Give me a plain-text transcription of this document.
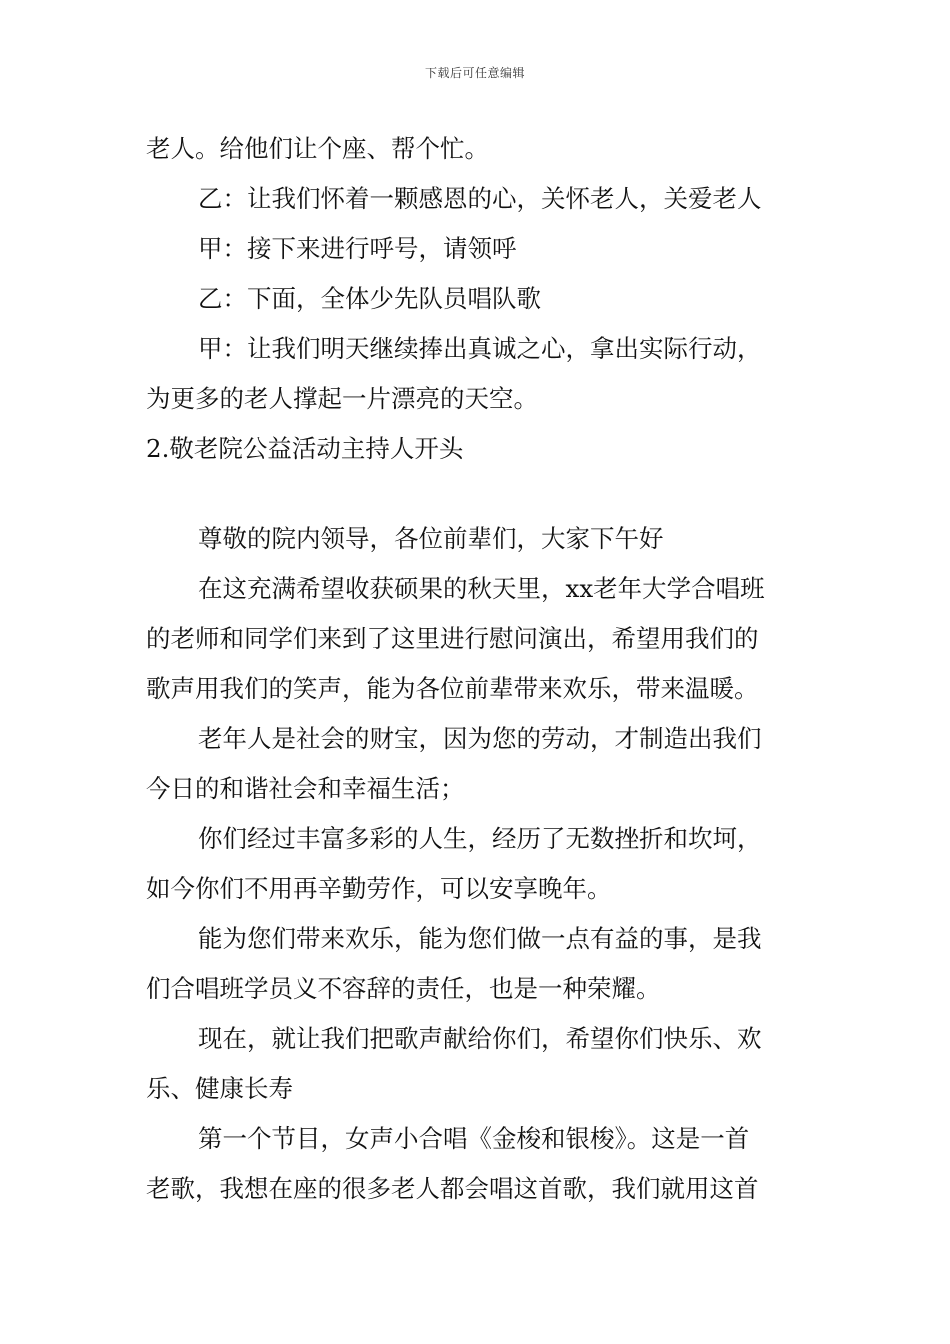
下载后可任意编辑
老人。给他们让个座、帮个忙。
乙：让我们怀着一颗感恩的心，关怀老人，关爱老人
甲：接下来进行呼号，请领呼
乙：下面，全体少先队员唱队歌
甲：让我们明天继续捧出真诚之心，拿出实际行动，
为更多的老人撑起一片漂亮的天空。
2.敬老院公益活动主持人开头
尊敬的院内领导，各位前辈们，大家下午好
在这充满希望收获硕果的秋天里，xx老年大学合唱班
的老师和同学们来到了这里进行慰问演出，希望用我们的
歌声用我们的笑声，能为各位前辈带来欢乐，带来温暖。
老年人是社会的财宝，因为您的劳动，才制造出我们
今日的和谐社会和幸福生活；
你们经过丰富多彩的人生，经历了无数挫折和坎坷，
如今你们不用再辛勤劳作，可以安享晚年。
能为您们带来欢乐，能为您们做一点有益的事，是我
们合唱班学员义不容辞的责任，也是一种荣耀。
现在，就让我们把歌声献给你们，希望你们快乐、欢
乐、健康长寿
第一个节目，女声小合唱《金梭和银梭》。这是一首
老歌，我想在座的很多老人都会唱这首歌，我们就用这首
